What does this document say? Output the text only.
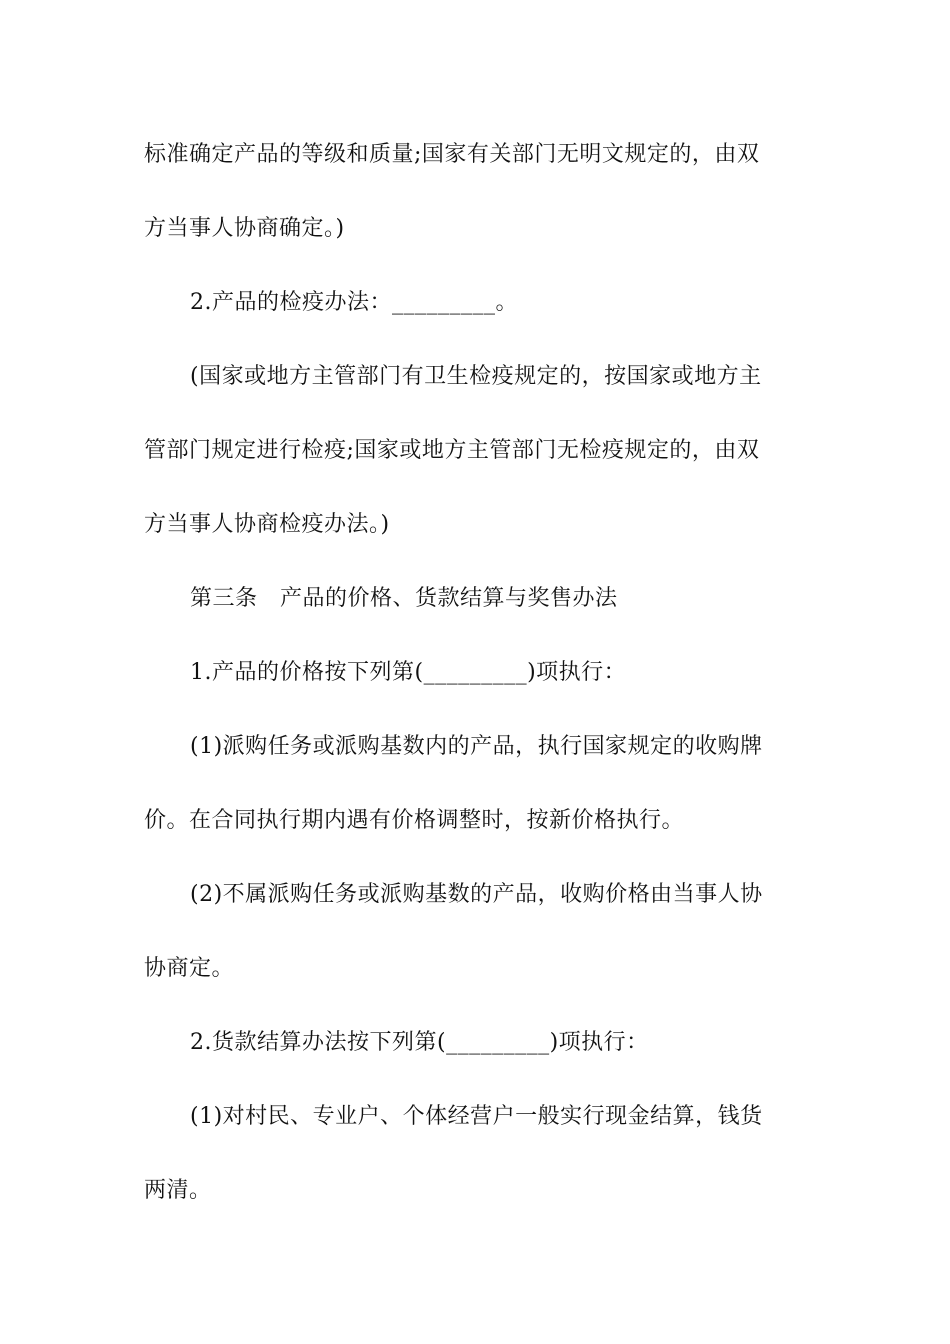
标准确定产品的等级和质量;国家有关部门无明文规定的，由双
方当事人协商确定。)
2.产品的检疫办法：_________。
(国家或地方主管部门有卫生检疫规定的，按国家或地方主
管部门规定进行检疫;国家或地方主管部门无检疫规定的，由双
方当事人协商检疫办法。)
第三条　产品的价格、货款结算与奖售办法
1.产品的价格按下列第(_________)项执行：
(1)派购任务或派购基数内的产品，执行国家规定的收购牌
价。在合同执行期内遇有价格调整时，按新价格执行。
(2)不属派购任务或派购基数的产品，收购价格由当事人协
协商定。
2.货款结算办法按下列第(_________)项执行：
(1)对村民、专业户、个体经营户一般实行现金结算，钱货
两清。
